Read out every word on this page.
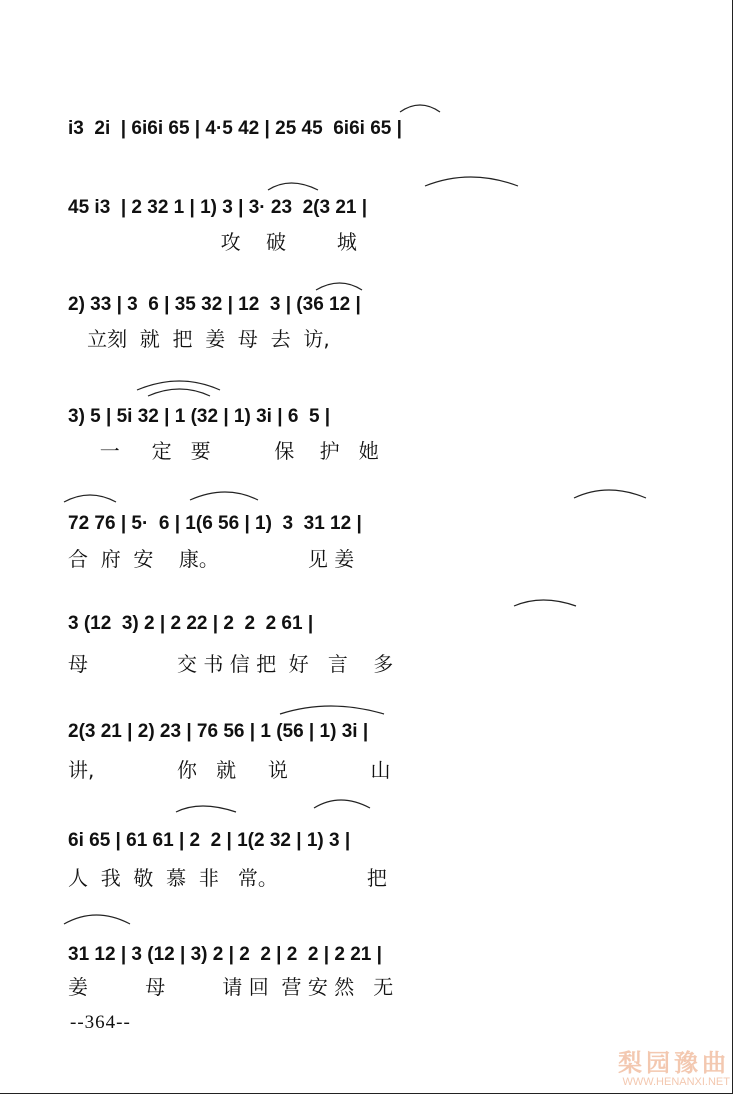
i3  2i  | 6i6i 65 | 4·5 42 | 25 45  6i6i 65 |
45 i3  | 2 32 1 | 1) 3 | 3· 23  2(3 21 |
攻    破        城
2) 33 | 3  6 | 35 32 | 12  3 | (36 12 |
立刻  就  把  姜  母  去  访,
3) 5 | 5i 32 | 1 (32 | 1) 3i | 6  5 |
一     定   要          保    护   她
72 76 | 5·  6 | 1(6 56 | 1)  3  31 12 |
合  府  安    康。              见 姜
3 (12  3) 2 | 2 22 | 2  2  2 61 |
母              交 书 信 把  好   言    多
2(3 21 | 2) 23 | 76 56 | 1 (56 | 1) 3i |
讲,             你   就     说             山
6i 65 | 61 61 | 2  2 | 1(2 32 | 1) 3 |
人  我  敬  慕  非   常。              把
31 12 | 3 (12 | 3) 2 | 2  2 | 2  2 | 2 21 |
姜         母         请 回  营 安 然   无
--364--
梨园豫曲
WWW.HENANXI.NET
